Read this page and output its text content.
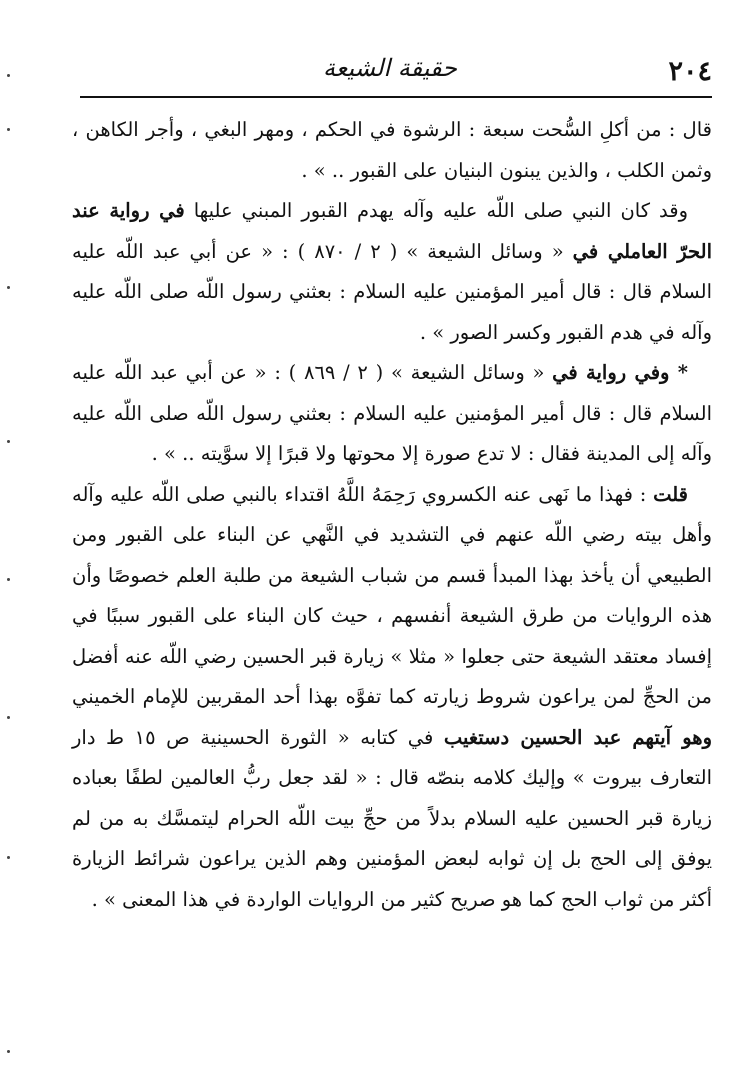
٢٠٤
حقيقة الشيعة

قال : من أكلِ السُّحت سبعة : الرشوة في الحكم ، ومهر البغي ، وأجر الكاهن ، وثمن الكلب ، والذين يبنون البنيان على القبور .. » .

وقد كان النبي صلى اللّه عليه وآله يهدم القبور المبني عليها في رواية عند الحرّ العاملي في « وسائل الشيعة » ( ٢ / ٨٧٠ ) : « عن أبي عبد اللّه عليه السلام قال : قال أمير المؤمنين عليه السلام : بعثني رسول اللّه صلى اللّه عليه وآله في هدم القبور وكسر الصور » .

* وفي رواية في « وسائل الشيعة » ( ٢ / ٨٦٩ ) : « عن أبي عبد اللّه عليه السلام قال : قال أمير المؤمنين عليه السلام : بعثني رسول اللّه صلى اللّه عليه وآله إلى المدينة فقال : لا تدع صورة إلا محوتها ولا قبرًا إلا سوَّيته .. » .

قلت : فهذا ما نَهى عنه الكسروي رَحِمَهُ اللَّهُ اقتداء بالنبي صلى اللّه عليه وآله وأهل بيته رضي اللّه عنهم في التشديد في النَّهي عن البناء على القبور ومن الطبيعي أن يأخذ بهذا المبدأ قسم من شباب الشيعة من طلبة العلم خصوصًا وأن هذه الروايات من طرق الشيعة أنفسهم ، حيث كان البناء على القبور سببًا في إفساد معتقد الشيعة حتى جعلوا « مثلا » زيارة قبر الحسين رضي اللّه عنه أفضل من الحجِّ لمن يراعون شروط زيارته كما تفوَّه بهذا أحد المقربين للإمام الخميني وهو آيتهم عبد الحسين دستغيب في كتابه « الثورة الحسينية ص ١٥ ط دار التعارف بيروت » وإليك كلامه بنصّه قال : « لقد جعل ربُّ العالمين لطفًا بعباده زيارة قبر الحسين عليه السلام بدلاً من حجِّ بيت اللّه الحرام ليتمسَّك به من لم يوفق إلى الحج بل إن ثوابه لبعض المؤمنين وهم الذين يراعون شرائط الزيارة أكثر من ثواب الحج كما هو صريح كثير من الروايات الواردة في هذا المعنى » .
